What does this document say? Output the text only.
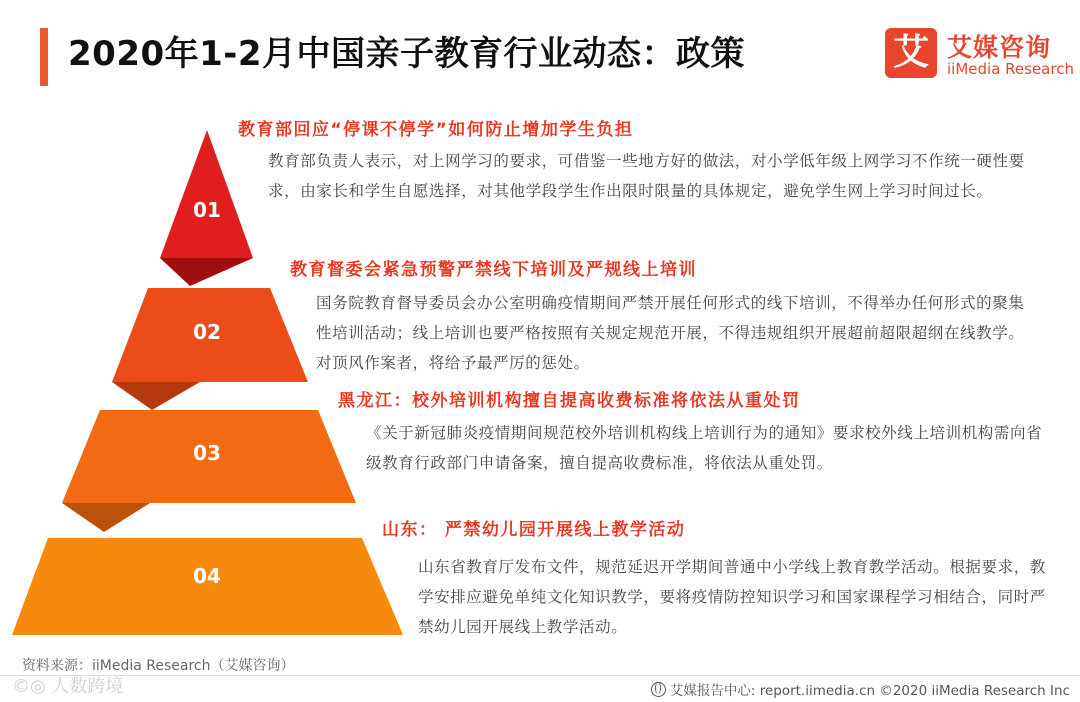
2020年1-2月中国亲子教育行业动态：政策	艾 艾媒咨询
iiMedia Research
01
02
03
04
教育部回应“停课不停学”如何防止增加学生负担
教育部负责人表示，对上网学习的要求，可借鉴一些地方好的做法，对小学低年级上网学习不作统一硬性要求，由家长和学生自愿选择，对其他学段学生作出限时限量的具体规定，避免学生网上学习时间过长。
教育督委会紧急预警严禁线下培训及严规线上培训
国务院教育督导委员会办公室明确疫情期间严禁开展任何形式的线下培训，不得举办任何形式的聚集性培训活动；线上培训也要严格按照有关规定规范开展，不得违规组织开展超前超限超纲在线教学。对顶风作案者，将给予最严厉的惩处。
黑龙江：校外培训机构擅自提高收费标准将依法从重处罚
《关于新冠肺炎疫情期间规范校外培训机构线上培训行为的通知》要求校外线上培训机构需向省级教育行政部门申请备案，擅自提高收费标准，将依法从重处罚。
山东： 严禁幼儿园开展线上教学活动
山东省教育厅发布文件，规范延迟开学期间普通中小学线上教育教学活动。根据要求，教学安排应避免单纯文化知识教学，要将疫情防控知识学习和国家课程学习相结合，同时严禁幼儿园开展线上教学活动。
资料来源：iiMedia Research（艾媒咨询）
©◎ 人数跨境	艾媒报告中心: report.iimedia.cn ©2020 iiMedia Research Inc
